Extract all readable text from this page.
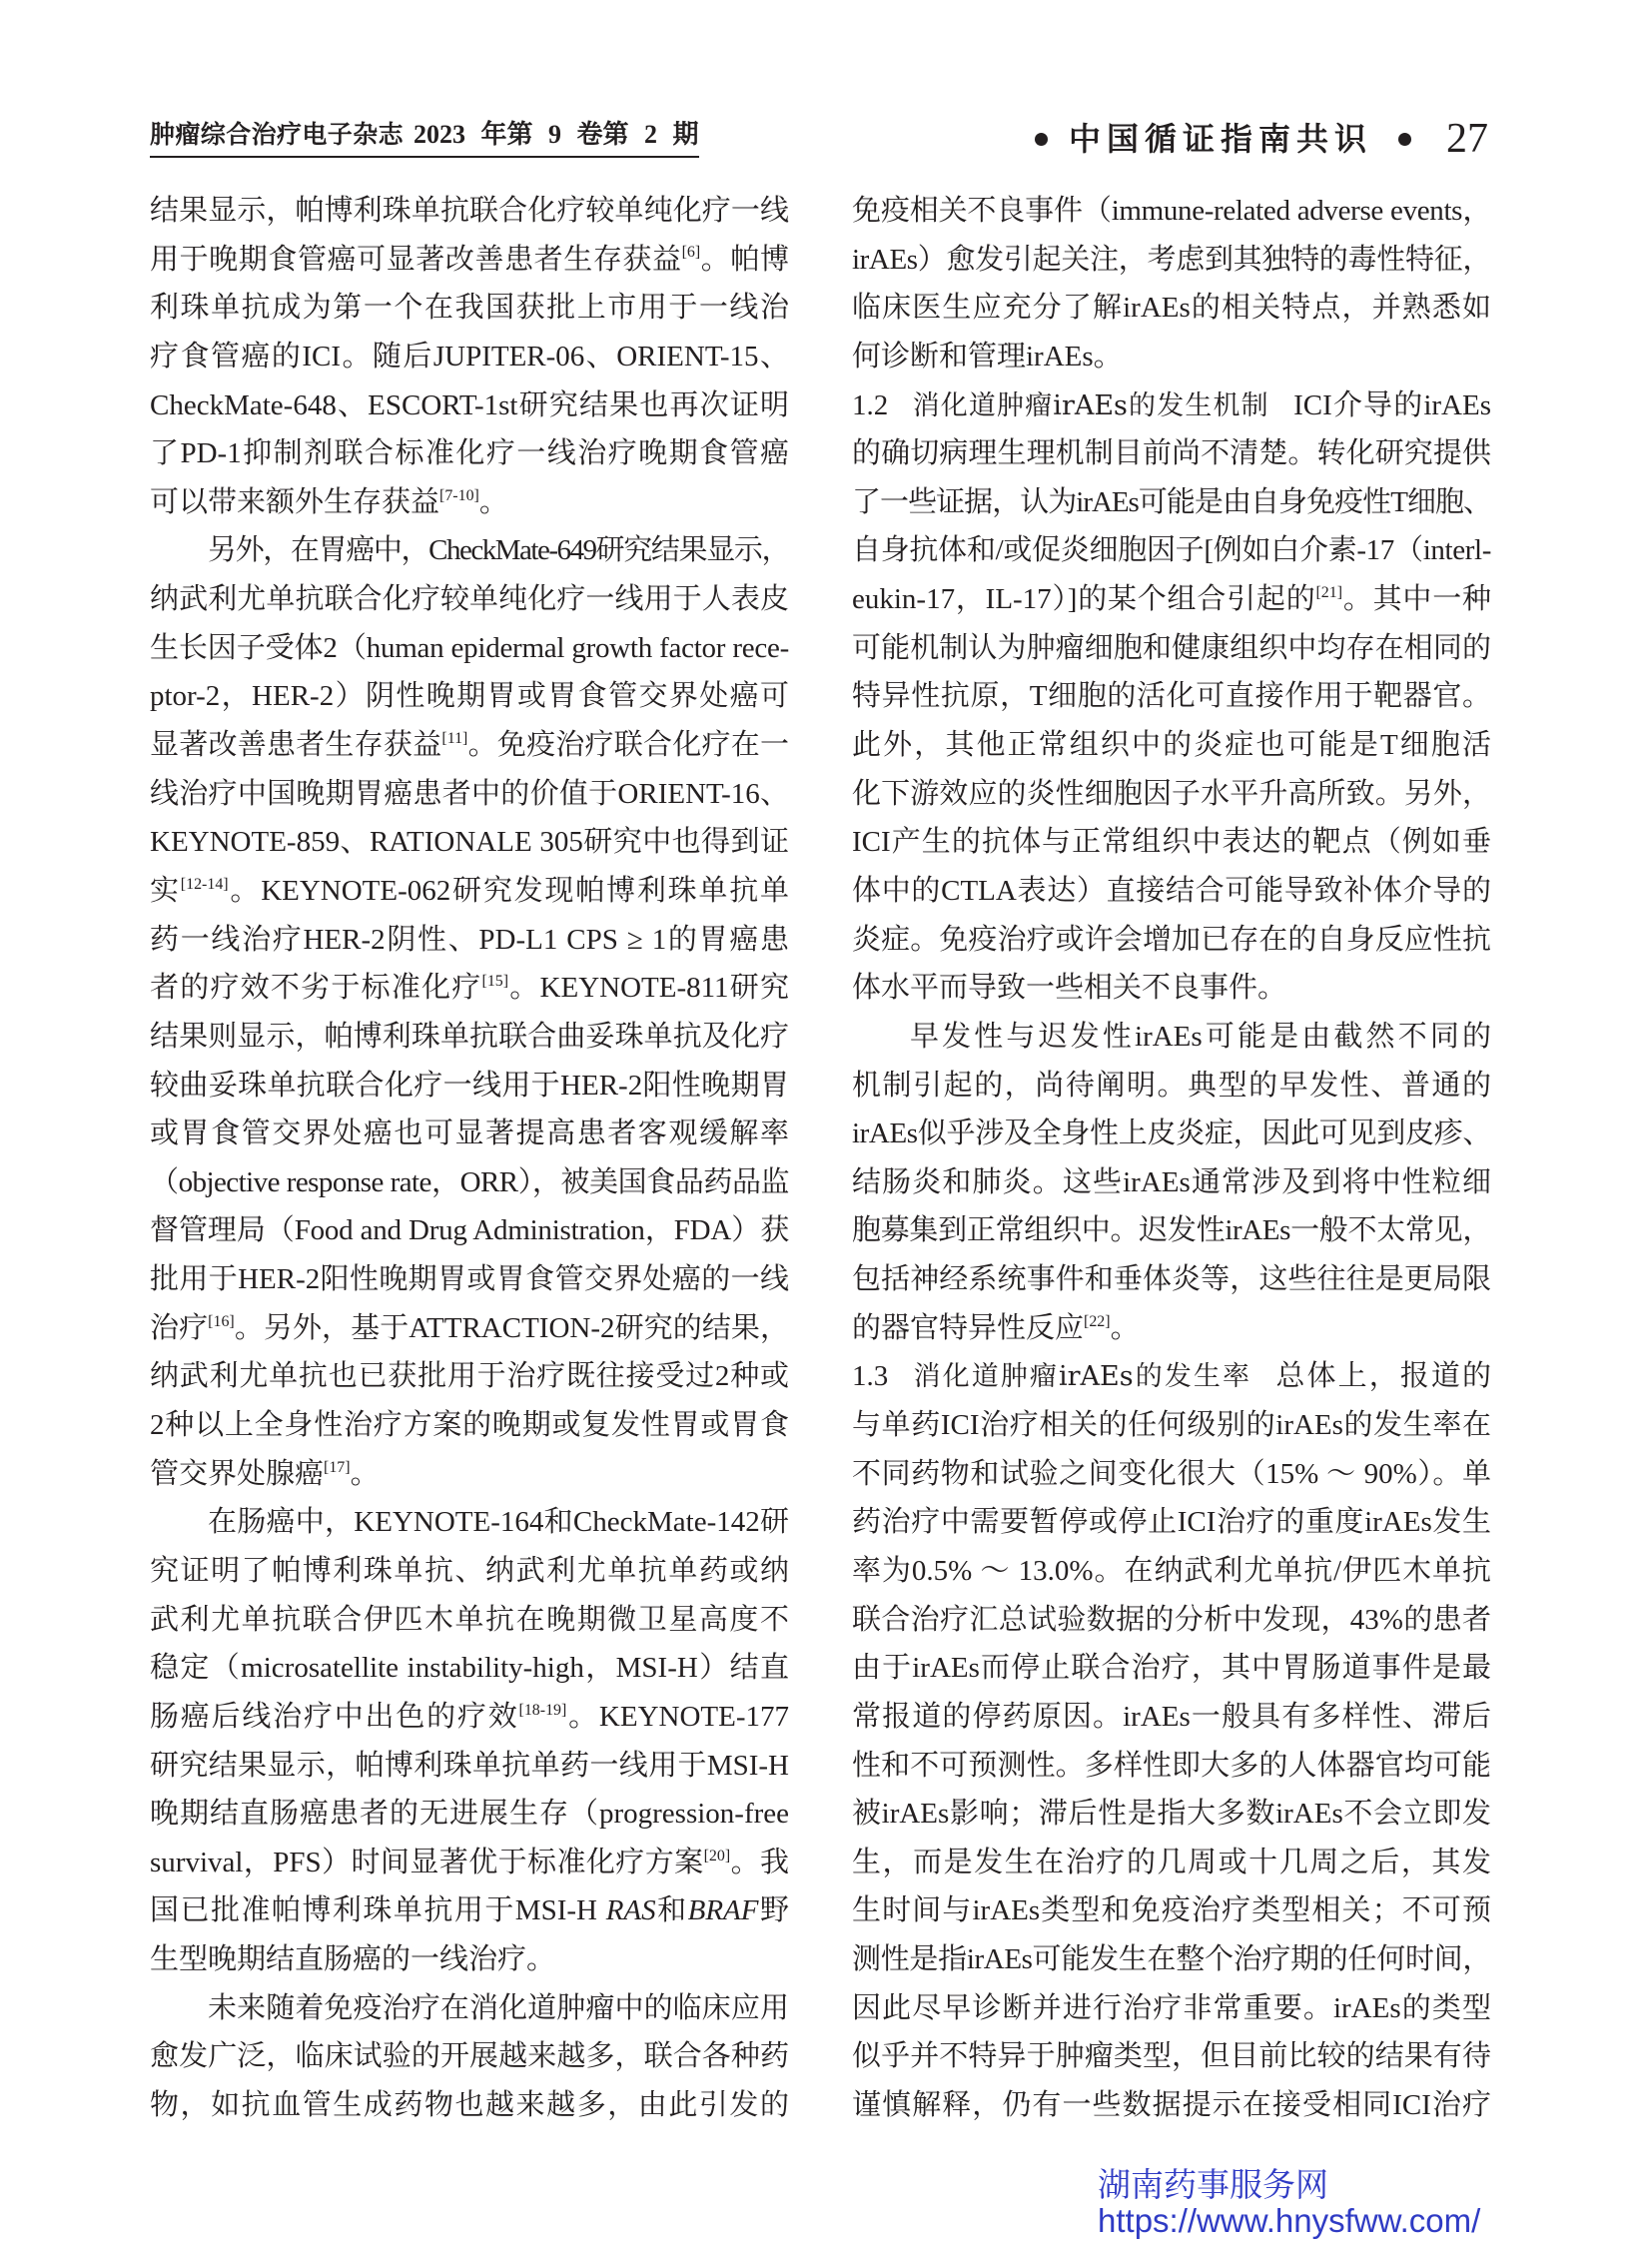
肿瘤综合治疗电子杂志 2023 年第 9 卷第 2 期	中国循证指南共识 27
结果显示，帕博利珠单抗联合化疗较单纯化疗一线
用于晚期食管癌可显著改善患者生存获益[6]。帕博
利珠单抗成为第一个在我国获批上市用于一线治
疗食管癌的ICI。随后JUPITER-06、ORIENT-15、
CheckMate-648、ESCORT-1st研究结果也再次证明
了PD-1抑制剂联合标准化疗一线治疗晚期食管癌
可以带来额外生存获益[7-10]。
另外，在胃癌中，CheckMate-649研究结果显示，
纳武利尤单抗联合化疗较单纯化疗一线用于人表皮
生长因子受体2（human epidermal growth factor rece-
ptor-2，HER-2）阴性晚期胃或胃食管交界处癌可
显著改善患者生存获益[11]。免疫治疗联合化疗在一
线治疗中国晚期胃癌患者中的价值于ORIENT-16、
KEYNOTE-859、RATIONALE 305研究中也得到证
实[12-14]。KEYNOTE-062研究发现帕博利珠单抗单
药一线治疗HER-2阴性、PD-L1 CPS ≥ 1的胃癌患
者的疗效不劣于标准化疗[15]。KEYNOTE-811研究
结果则显示，帕博利珠单抗联合曲妥珠单抗及化疗
较曲妥珠单抗联合化疗一线用于HER-2阳性晚期胃
或胃食管交界处癌也可显著提高患者客观缓解率
（objective response rate，ORR），被美国食品药品监
督管理局（Food and Drug Administration，FDA）获
批用于HER-2阳性晚期胃或胃食管交界处癌的一线
治疗[16]。另外，基于ATTRACTION-2研究的结果，
纳武利尤单抗也已获批用于治疗既往接受过2种或
2种以上全身性治疗方案的晚期或复发性胃或胃食
管交界处腺癌[17]。
在肠癌中，KEYNOTE-164和CheckMate-142研
究证明了帕博利珠单抗、纳武利尤单抗单药或纳
武利尤单抗联合伊匹木单抗在晚期微卫星高度不
稳定（microsatellite instability-high，MSI-H）结直
肠癌后线治疗中出色的疗效[18-19]。KEYNOTE-177
研究结果显示，帕博利珠单抗单药一线用于MSI-H
晚期结直肠癌患者的无进展生存（progression-free
survival，PFS）时间显著优于标准化疗方案[20]。我
国已批准帕博利珠单抗用于MSI-H RAS和BRAF野
生型晚期结直肠癌的一线治疗。
未来随着免疫治疗在消化道肿瘤中的临床应用
愈发广泛，临床试验的开展越来越多，联合各种药
物，如抗血管生成药物也越来越多，由此引发的
免疫相关不良事件（immune-related adverse events，
irAEs）愈发引起关注，考虑到其独特的毒性特征，
临床医生应充分了解irAEs的相关特点，并熟悉如
何诊断和管理irAEs。
1.2 消化道肿瘤irAEs的发生机制 ICI介导的irAEs
的确切病理生理机制目前尚不清楚。转化研究提供
了一些证据，认为irAEs可能是由自身免疫性T细胞、
自身抗体和/或促炎细胞因子[例如白介素-17（interl-
eukin-17，IL-17）]的某个组合引起的[21]。其中一种
可能机制认为肿瘤细胞和健康组织中均存在相同的
特异性抗原，T细胞的活化可直接作用于靶器官。
此外，其他正常组织中的炎症也可能是T细胞活
化下游效应的炎性细胞因子水平升高所致。另外，
ICI产生的抗体与正常组织中表达的靶点（例如垂
体中的CTLA表达）直接结合可能导致补体介导的
炎症。免疫治疗或许会增加已存在的自身反应性抗
体水平而导致一些相关不良事件。
早发性与迟发性irAEs可能是由截然不同的
机制引起的，尚待阐明。典型的早发性、普通的
irAEs似乎涉及全身性上皮炎症，因此可见到皮疹、
结肠炎和肺炎。这些irAEs通常涉及到将中性粒细
胞募集到正常组织中。迟发性irAEs一般不太常见，
包括神经系统事件和垂体炎等，这些往往是更局限
的器官特异性反应[22]。
1.3 消化道肿瘤irAEs的发生率 总体上，报道的
与单药ICI治疗相关的任何级别的irAEs的发生率在
不同药物和试验之间变化很大（15% ～ 90%）。单
药治疗中需要暂停或停止ICI治疗的重度irAEs发生
率为0.5% ～ 13.0%。在纳武利尤单抗/伊匹木单抗
联合治疗汇总试验数据的分析中发现，43%的患者
由于irAEs而停止联合治疗，其中胃肠道事件是最
常报道的停药原因。irAEs一般具有多样性、滞后
性和不可预测性。多样性即大多的人体器官均可能
被irAEs影响；滞后性是指大多数irAEs不会立即发
生，而是发生在治疗的几周或十几周之后，其发
生时间与irAEs类型和免疫治疗类型相关；不可预
测性是指irAEs可能发生在整个治疗期的任何时间，
因此尽早诊断并进行治疗非常重要。irAEs的类型
似乎并不特异于肿瘤类型，但目前比较的结果有待
谨慎解释，仍有一些数据提示在接受相同ICI治疗
湖南药事服务网
https://www.hnysfww.com/
